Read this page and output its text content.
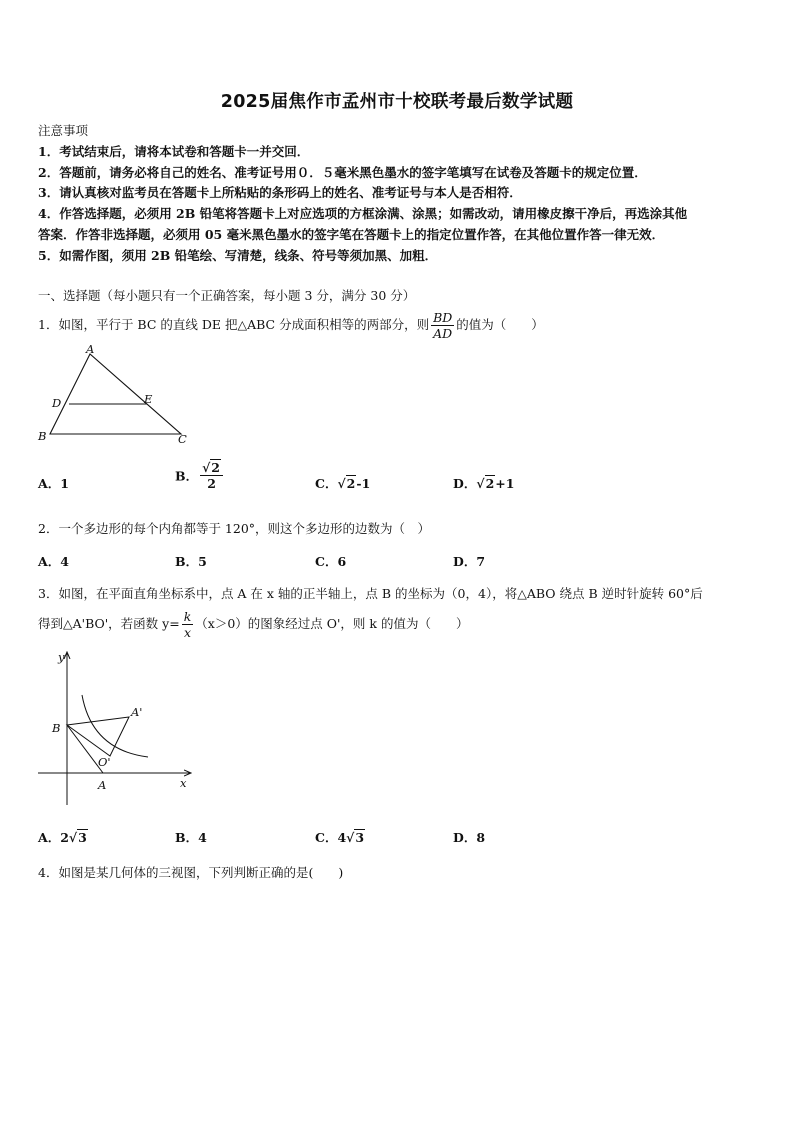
2025届焦作市孟州市十校联考最后数学试题
注意事项
1．考试结束后，请将本试卷和答题卡一并交回．
2．答题前，请务必将自己的姓名、准考证号用０．５毫米黑色墨水的签字笔填写在试卷及答题卡的规定位置．
3．请认真核对监考员在答题卡上所粘贴的条形码上的姓名、准考证号与本人是否相符．
4．作答选择题，必须用 2B 铅笔将答题卡上对应选项的方框涂满、涂黑；如需改动，请用橡皮擦干净后，再选涂其他
答案．作答非选择题，必须用 05 毫米黑色墨水的签字笔在答题卡上的指定位置作答，在其他位置作答一律无效．
5．如需作图，须用 2B 铅笔绘、写清楚，线条、符号等须加黑、加粗．
一、选择题（每小题只有一个正确答案，每小题 3 分，满分 30 分）
1．如图，平行于 BC 的直线 DE 把△ABC 分成面积相等的两部分，则 $\frac{BD}{AD}$ 的值为（　　）
A
B	C
D	E
A．1	B． $\frac{√2}{2}$	C．√2-1	D．√2+1
2．一个多边形的每个内角都等于 120°，则这个多边形的边数为（　）
A．4	B．5	C．6	D．7
3．如图，在平面直角坐标系中，点 A 在 x 轴的正半轴上，点 B 的坐标为（0，4），将△ABO 绕点 B 逆时针旋转 60°后
得到△A'BO'，若函数 $y= \frac{k}{x} (x>0)$的图象经过点 O'，则 k 的值为（　　）
y
x
B
A
A'
O'
A．2√3	B．4	C．4√3	D．8
4．如图是某几何体的三视图，下列判断正确的是(　　)
